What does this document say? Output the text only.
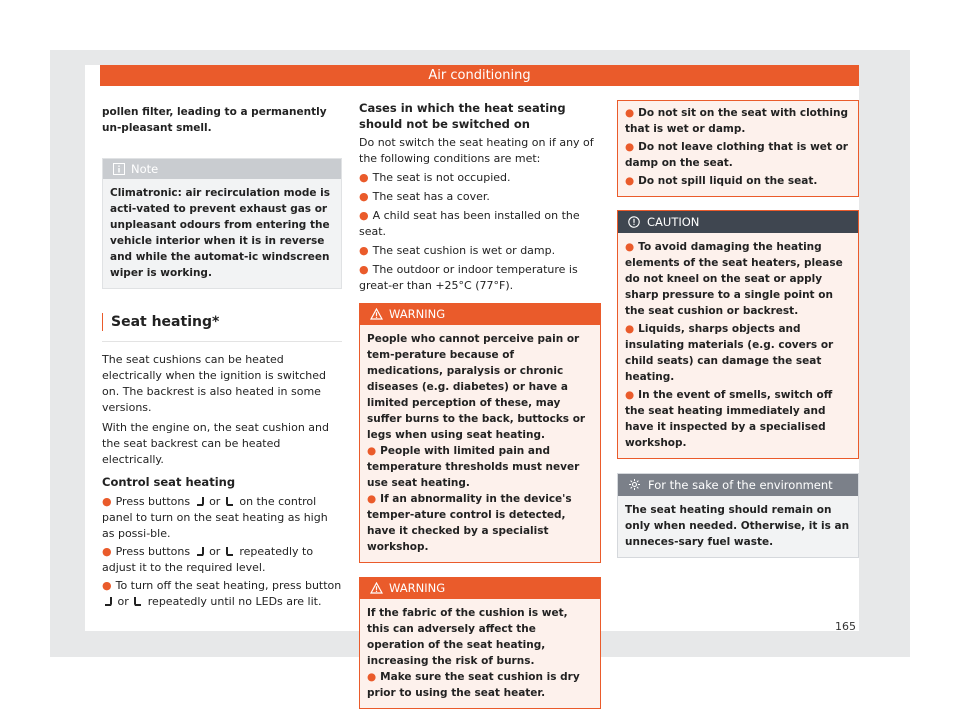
Air conditioning

pollen filter, leading to a permanently un-pleasant smell.

Note

Climatronic: air recirculation mode is acti-vated to prevent exhaust gas or unpleasant odours from entering the vehicle interior when it is in reverse and while the automat-ic windscreen wiper is working.

Seat heating*

The seat cushions can be heated electrically when the ignition is switched on. The backrest is also heated in some versions.

With the engine on, the seat cushion and the seat backrest can be heated electrically.

Control seat heating

● Press buttons or on the control panel to turn on the seat heating as high as possi-ble.

● Press buttons or repeatedly to adjust it to the required level.

● To turn off the seat heating, press button  or repeatedly until no LEDs are lit.

Cases in which the heat seating should not be switched on

Do not switch the seat heating on if any of the following conditions are met:

● The seat is not occupied.

● The seat has a cover.

● A child seat has been installed on the seat.

● The seat cushion is wet or damp.

● The outdoor or indoor temperature is great-er than +25°C (77°F).

WARNING

People who cannot perceive pain or tem-perature because of medications, paralysis or chronic diseases (e.g. diabetes) or have a limited perception of these, may suffer burns to the back, buttocks or legs when using seat heating.

● People with limited pain and temperature thresholds must never use seat heating.

● If an abnormality in the device's temper-ature control is detected, have it checked by a specialist workshop.

WARNING

If the fabric of the cushion is wet, this can adversely affect the operation of the seat heating, increasing the risk of burns.

● Make sure the seat cushion is dry prior to using the seat heater.

● Do not sit on the seat with clothing that is wet or damp.

● Do not leave clothing that is wet or damp on the seat.

● Do not spill liquid on the seat.

CAUTION

● To avoid damaging the heating elements of the seat heaters, please do not kneel on the seat or apply sharp pressure to a single point on the seat cushion or backrest.

● Liquids, sharps objects and insulating materials (e.g. covers or child seats) can damage the seat heating.

● In the event of smells, switch off the seat heating immediately and have it inspected by a specialised workshop.

For the sake of the environment

The seat heating should remain on only when needed. Otherwise, it is an unneces-sary fuel waste.

165
